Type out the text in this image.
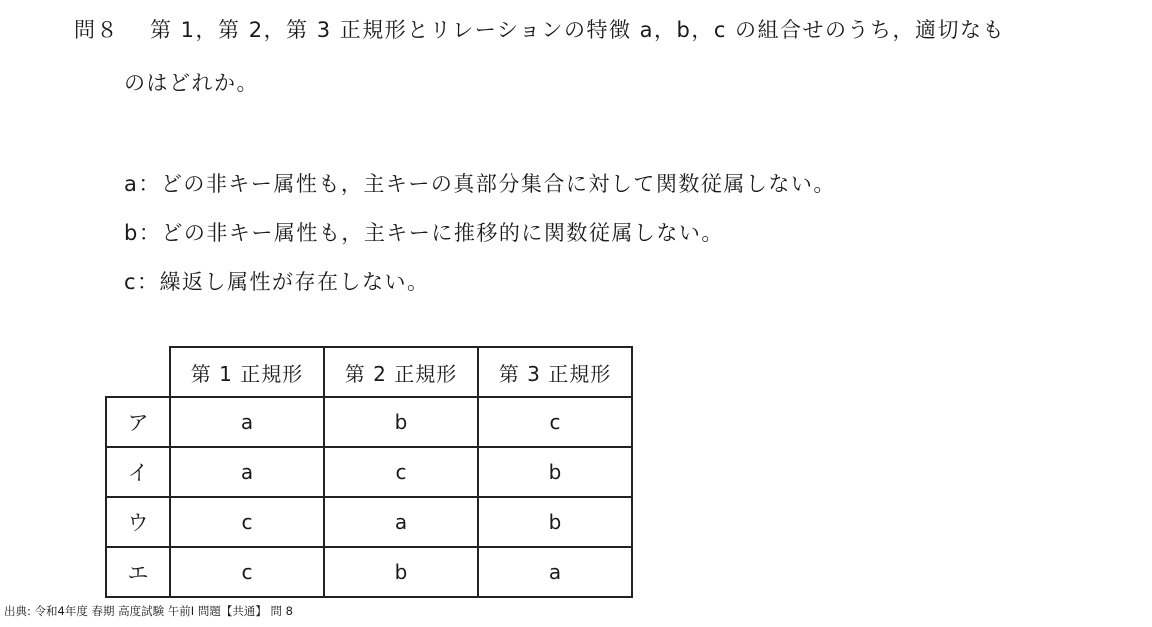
問８ 第 1，第 2，第 3 正規形とリレーションの特徴 a，b，c の組合せのうち，適切なも
のはどれか。
a：どの非キー属性も，主キーの真部分集合に対して関数従属しない。
b：どの非キー属性も，主キーに推移的に関数従属しない。
c：繰返し属性が存在しない。
	第 1 正規形	第 2 正規形	第 3 正規形
ア	a	b	c
イ	a	c	b
ウ	c	a	b
エ	c	b	a
出典: 令和4年度 春期 高度試験 午前I 問題【共通】 問 8
